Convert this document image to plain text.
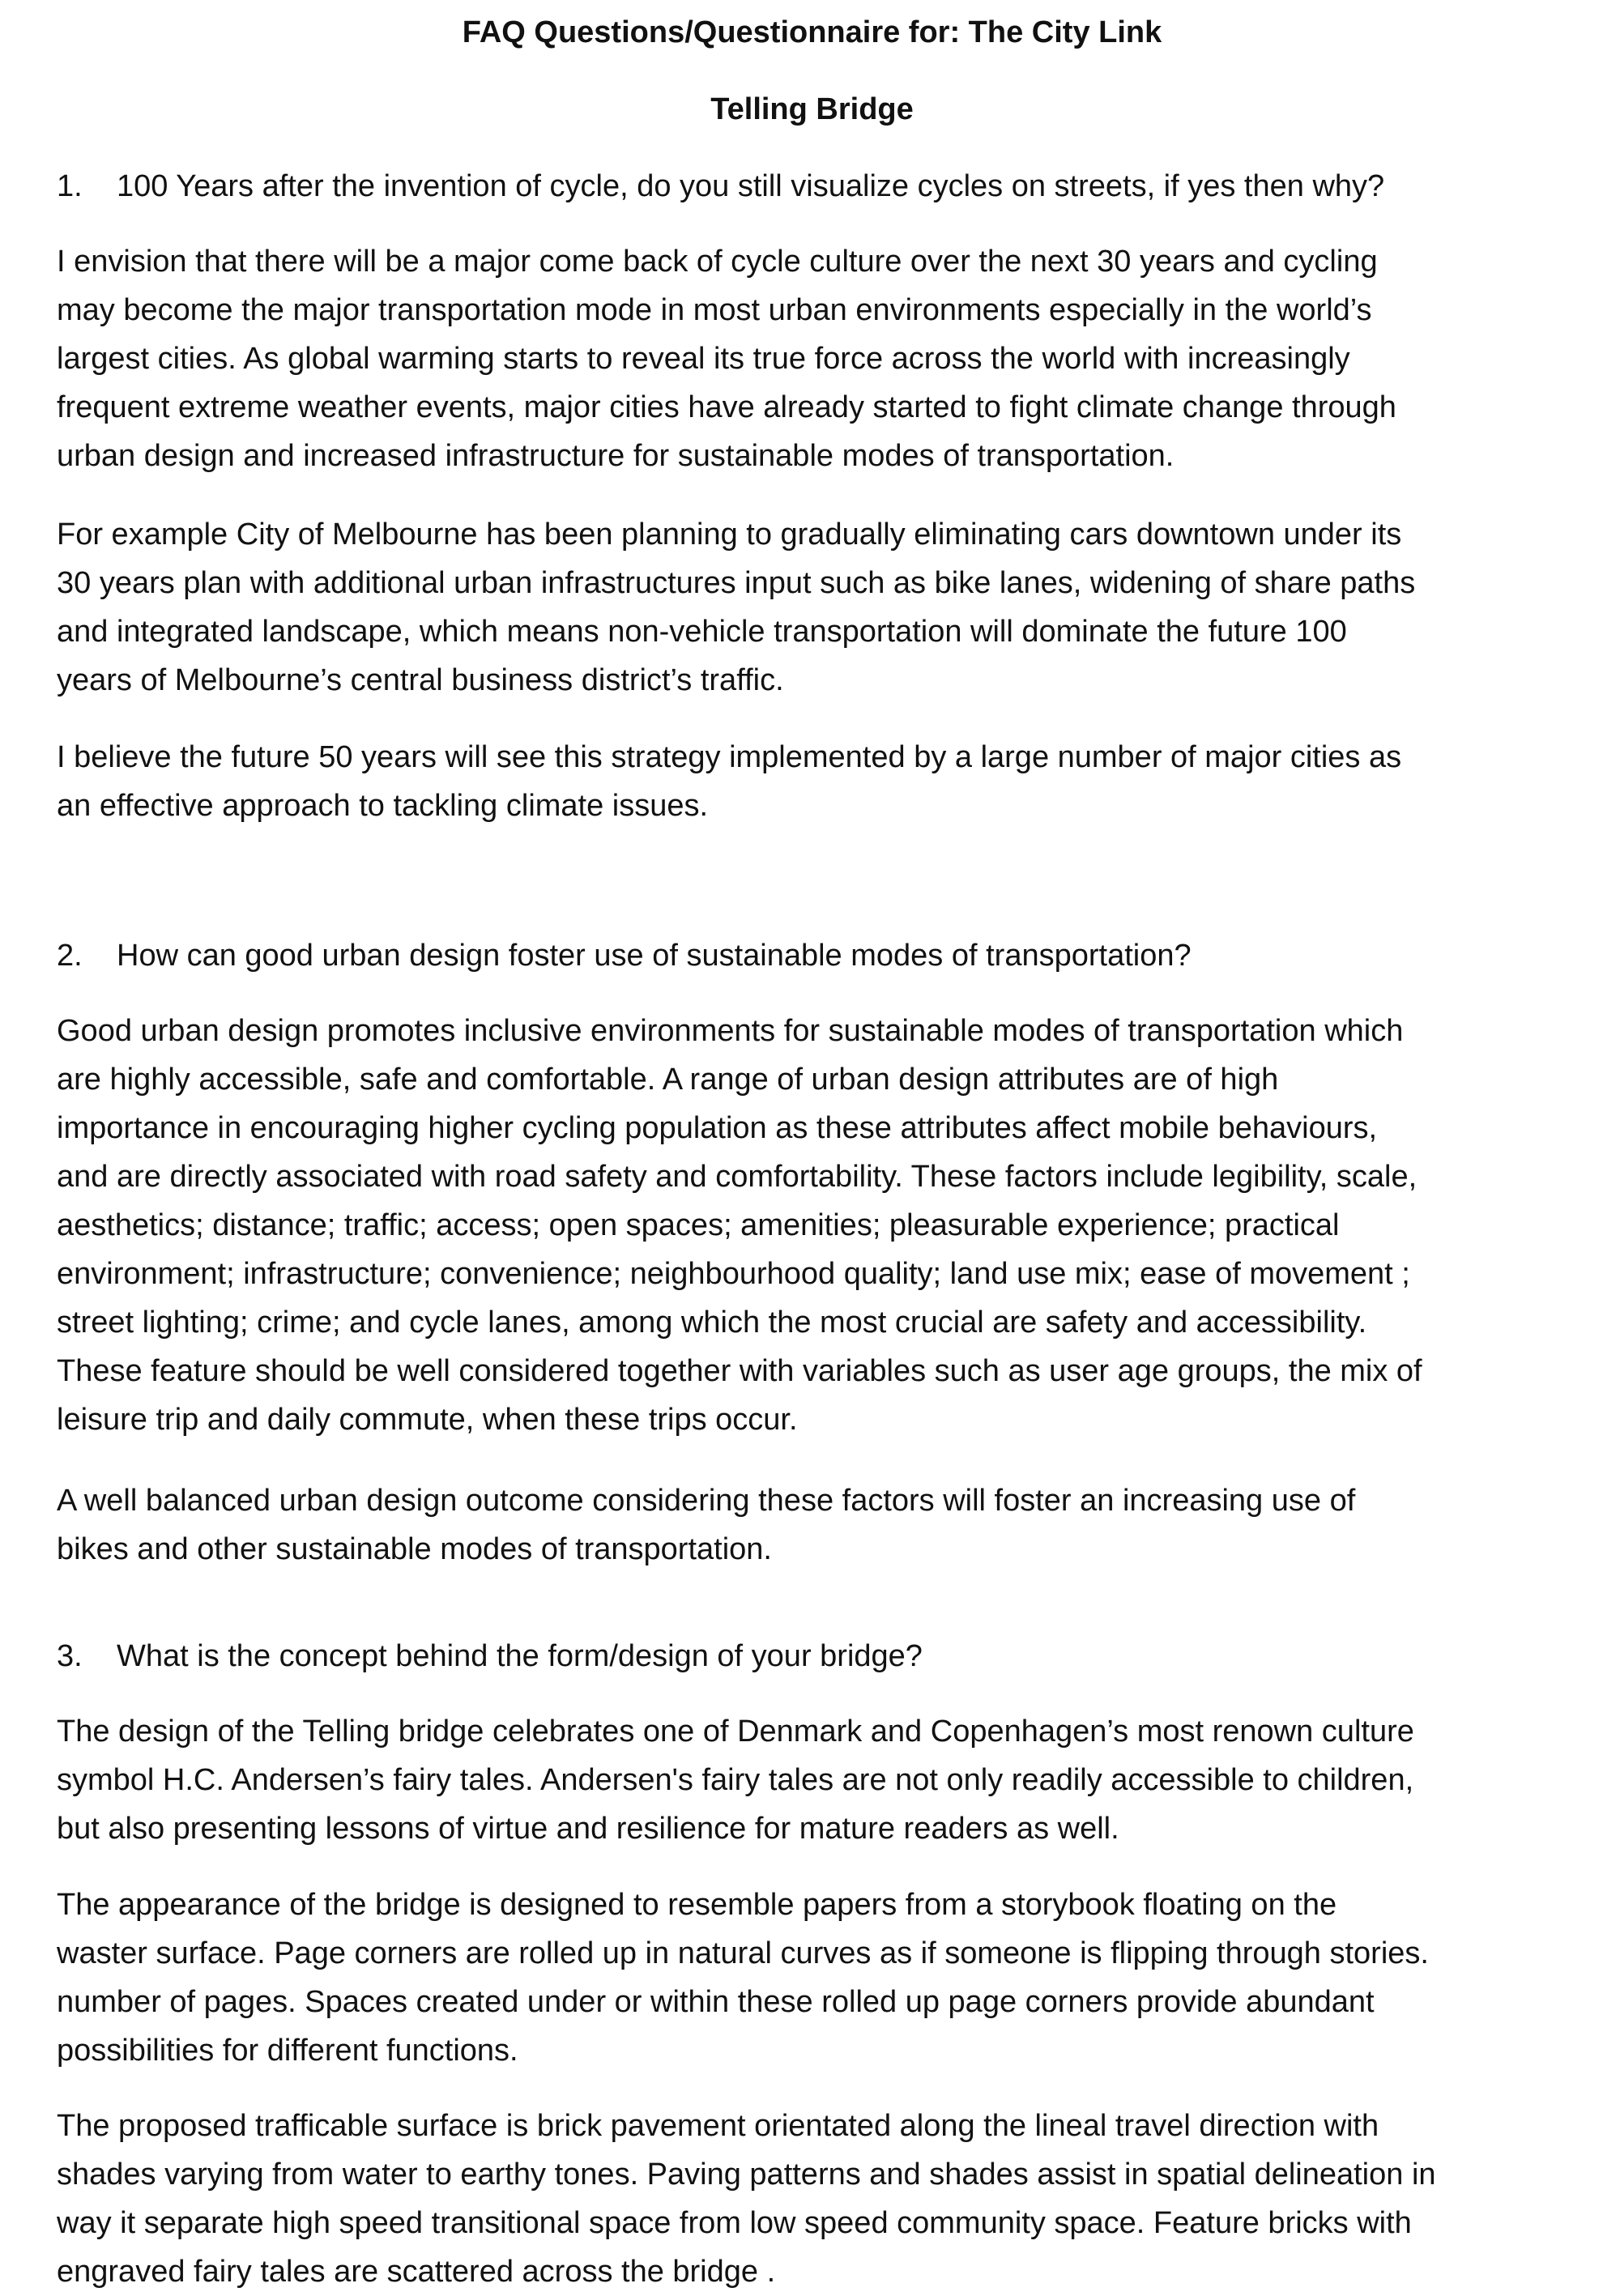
FAQ Questions/Questionnaire for: The City Link

Telling Bridge

1. 100 Years after the invention of cycle, do you still visualize cycles on streets, if yes then why?

I envision that there will be a major come back of cycle culture over the next 30 years and cycling
may become the major transportation mode in most urban environments especially in the world’s
largest cities. As global warming starts to reveal its true force across the world with increasingly
frequent extreme weather events, major cities have already started to fight climate change through
urban design and increased infrastructure for sustainable modes of transportation.
For example City of Melbourne has been planning to gradually eliminating cars downtown under its
30 years plan with additional urban infrastructures input such as bike lanes, widening of share paths
and integrated landscape, which means non-vehicle transportation will dominate the future 100
years of Melbourne’s central business district’s traffic.
I believe the future 50 years will see this strategy implemented by a large number of major cities as
an effective approach to tackling climate issues.

2. How can good urban design foster use of sustainable modes of transportation?

Good urban design promotes inclusive environments for sustainable modes of transportation which
are highly accessible, safe and comfortable. A range of urban design attributes are of high
importance in encouraging higher cycling population as these attributes affect mobile behaviours,
and are directly associated with road safety and comfortability. These factors include legibility, scale,
aesthetics; distance; traffic; access; open spaces; amenities; pleasurable experience; practical
environment; infrastructure; convenience; neighbourhood quality; land use mix; ease of movement ;
street lighting; crime; and cycle lanes, among which the most crucial are safety and accessibility.
These feature should be well considered together with variables such as user age groups, the mix of
leisure trip and daily commute, when these trips occur.
A well balanced urban design outcome considering these factors will foster an increasing use of
bikes and other sustainable modes of transportation.

3. What is the concept behind the form/design of your bridge?

The design of the Telling bridge celebrates one of Denmark and Copenhagen’s most renown culture
symbol H.C. Andersen’s fairy tales. Andersen's fairy tales are not only readily accessible to children,
but also presenting lessons of virtue and resilience for mature readers as well.
The appearance of the bridge is designed to resemble papers from a storybook floating on the
waster surface. Page corners are rolled up in natural curves as if someone is flipping through stories.
number of pages. Spaces created under or within these rolled up page corners provide abundant
possibilities for different functions.
The proposed trafficable surface is brick pavement orientated along the lineal travel direction with
shades varying from water to earthy tones. Paving patterns and shades assist in spatial delineation in
way it separate high speed transitional space from low speed community space. Feature bricks with
engraved fairy tales are scattered across the bridge .
